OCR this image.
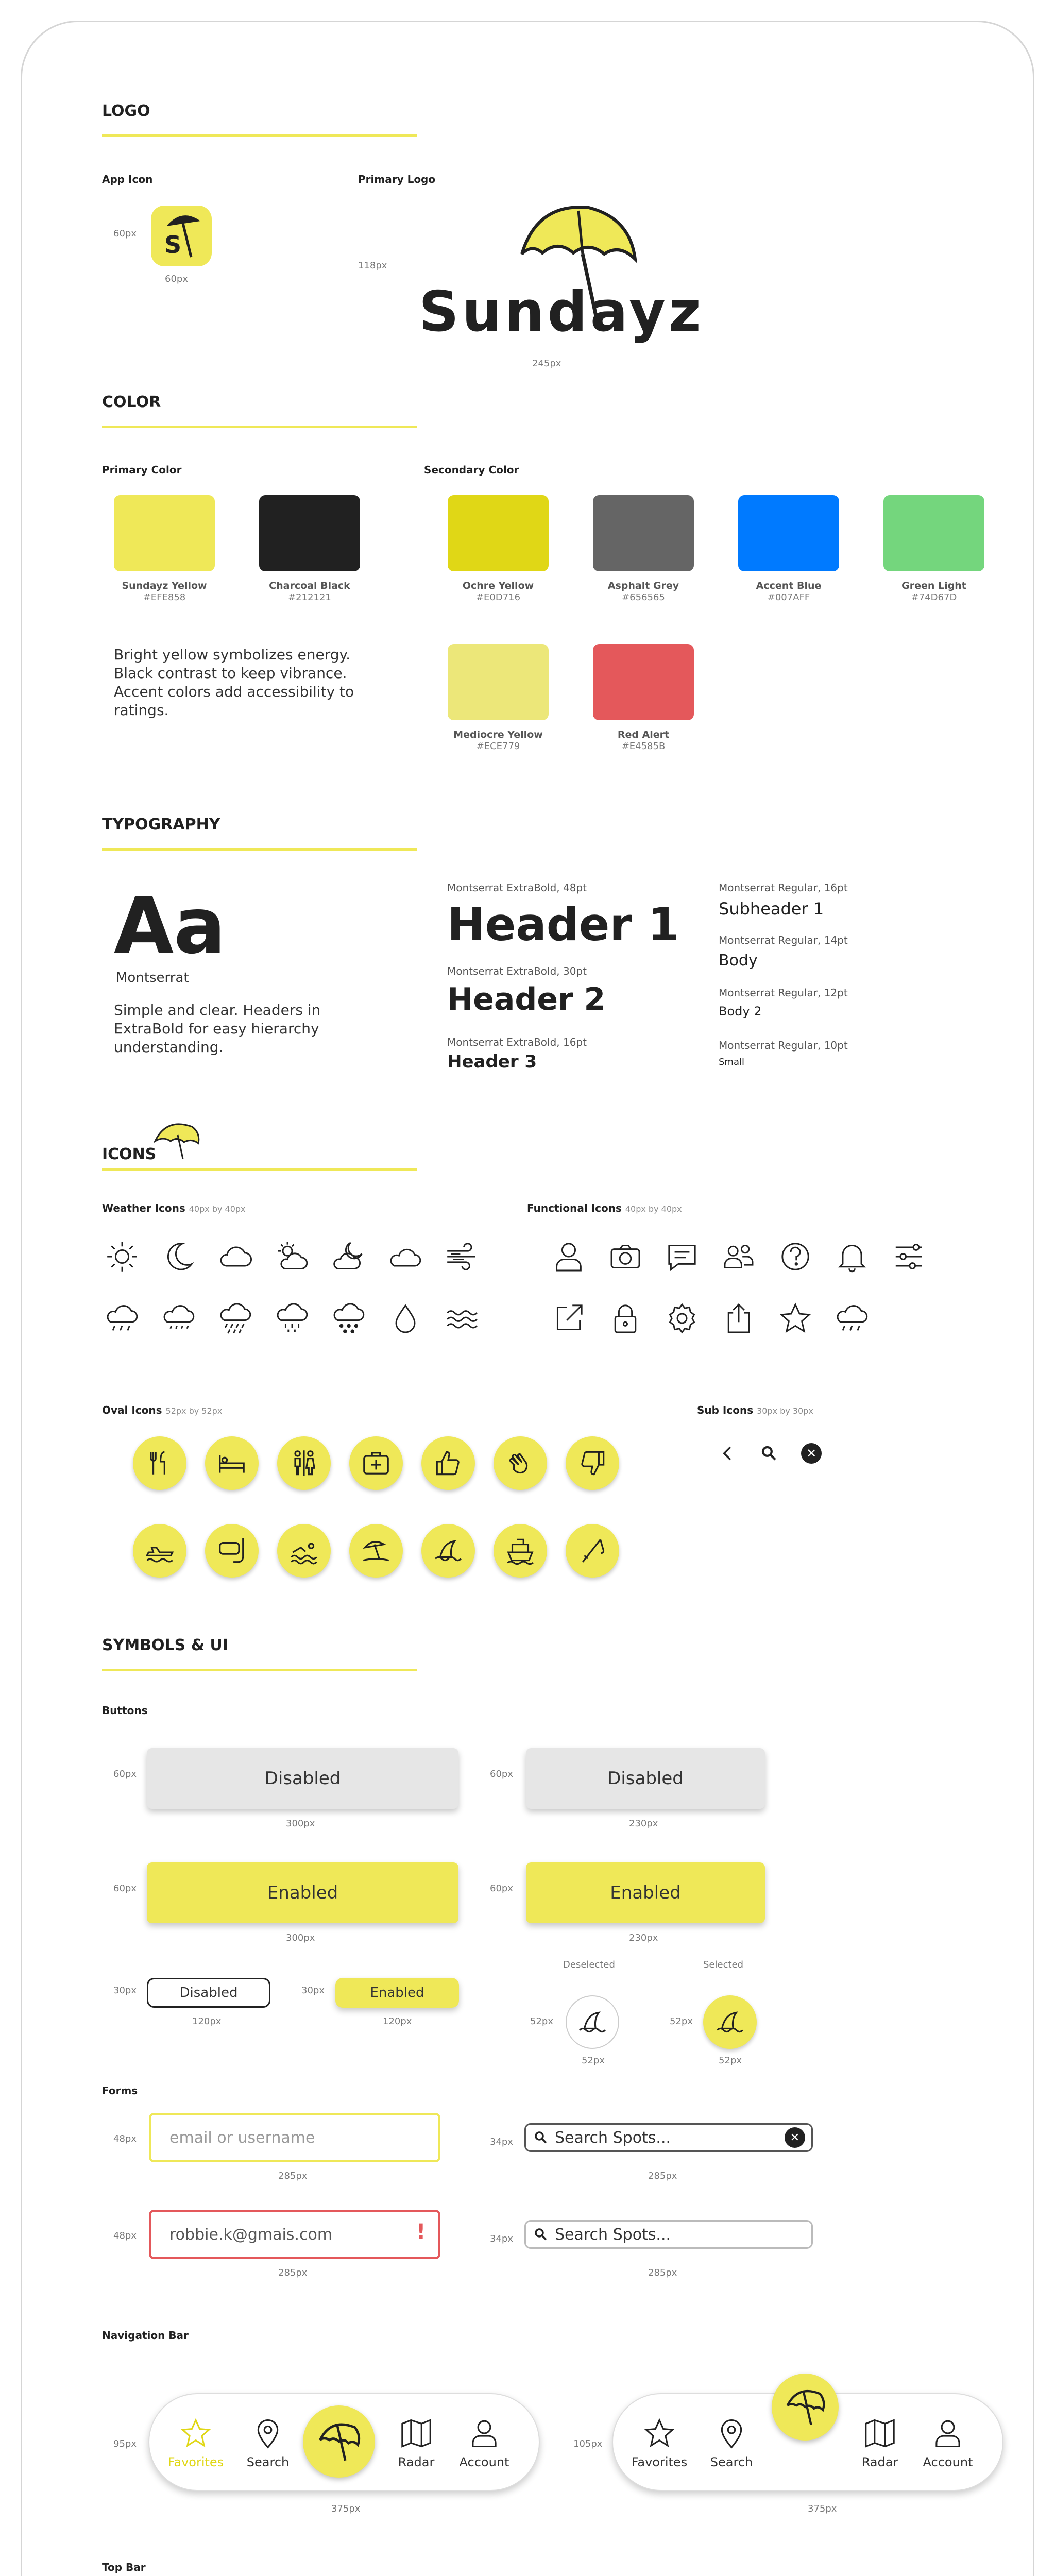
LOGO
App Icon
60px S
60px
Primary Logo
118px
Sundayz
245px
COLOR
Primary Color	Secondary Color
Sundayz Yellow
#EFE858
Charcoal Black
#212121
Ochre Yellow
#E0D716
Asphalt Grey
#656565
Accent Blue
#007AFF
Green Light
#74D67D
Mediocre Yellow
#ECE779
Red Alert
#E4585B
Bright yellow symbolizes energy.
Black contrast to keep vibrance.
Accent colors add accessibility to
ratings.
TYPOGRAPHY
Aa
Montserrat
Simple and clear. Headers in
ExtraBold for easy hierarchy
understanding.
Montserrat ExtraBold, 48pt
Header 1
Montserrat ExtraBold, 30pt
Header 2
Montserrat ExtraBold, 16pt
Header 3
Montserrat Regular, 16pt
Subheader 1
Montserrat Regular, 14pt
Body
Montserrat Regular, 12pt
Body 2
Montserrat Regular, 10pt
Small
ICONS
Weather Icons 40px by 40px	Functional Icons 40px by 40px
Oval Icons 52px by 52px	Sub Icons 30px by 30px
✕
SYMBOLS & UI
Buttons
60px	Disabled
300px
60px	Disabled
230px
60px	Enabled
300px
60px	Enabled
230px
30px	Disabled
120px
30px	Enabled
120px
Deselected
52px
52px
Selected
52px
52px
Forms
48px	email or username
285px
48px robbie.k@gmais.com	!
285px
34px	Search Spots...	✕
285px
34px	Search Spots...
285px
Navigation Bar
95px
Favorites	Search	Radar	Account
375px
105px
Favorites	Search	Radar	Account
375px
Top Bar
